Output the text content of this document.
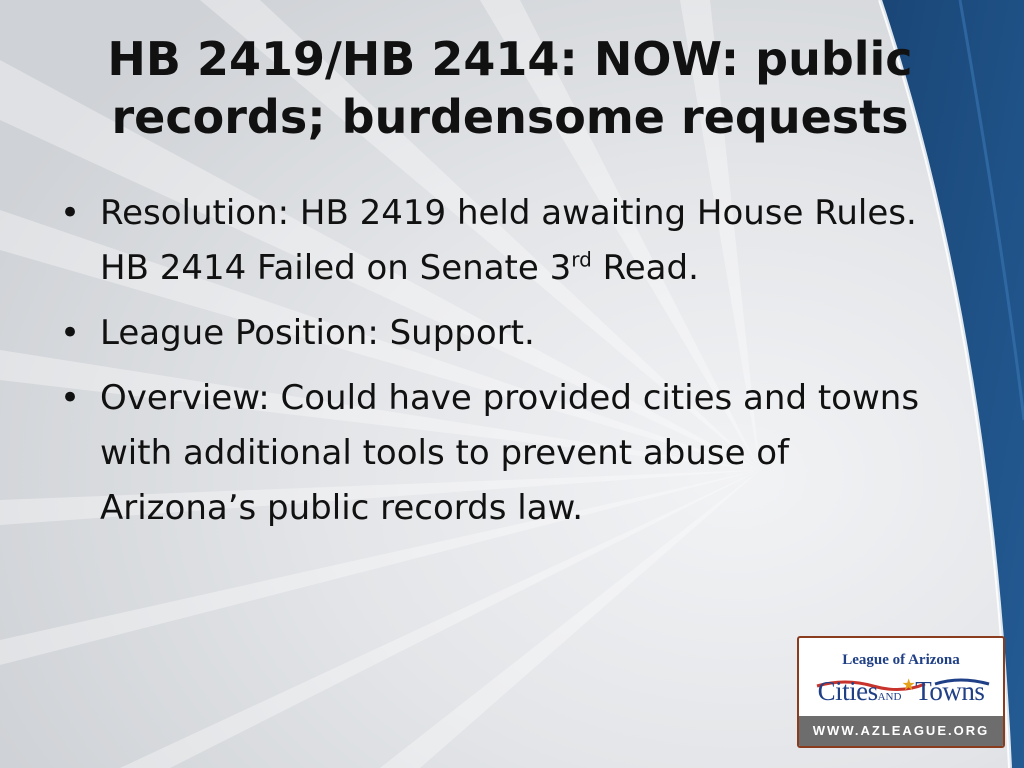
HB 2419/HB 2414: NOW: public
records; burdensome requests
• Resolution: HB 2419 held awaiting House Rules. HB 2414 Failed on Senate 3rd Read.
• League Position: Support.
• Overview: Could have provided cities and towns with additional tools to prevent abuse of Arizona’s public records law.
League of Arizona
CitiesAND★Towns
WWW.AZLEAGUE.ORG
